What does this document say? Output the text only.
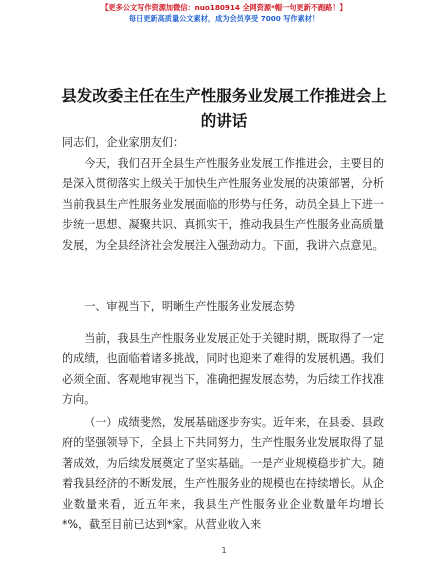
【更多公文写作资源加微信：nuo180914 全网资源*帽一句更新不跑路！】
每日更新高质量公文素材，成为会员享受 7000 写作素材！
县发改委主任在生产性服务业发展工作推进会上的讲话
同志们，企业家朋友们：
今天，我们召开全县生产性服务业发展工作推进会，主要目的是深入贯彻落实上级关于加快生产性服务业发展的决策部署，分析当前我县生产性服务业发展面临的形势与任务，动员全县上下进一步统一思想、凝聚共识、真抓实干，推动我县生产性服务业高质量发展，为全县经济社会发展注入强劲动力。下面，我讲六点意见。
一、审视当下，明晰生产性服务业发展态势
当前，我县生产性服务业发展正处于关键时期，既取得了一定的成绩，也面临着诸多挑战，同时也迎来了难得的发展机遇。我们必须全面、客观地审视当下，准确把握发展态势，为后续工作找准方向。
（一）成绩斐然，发展基础逐步夯实。近年来，在县委、县政府的坚强领导下，全县上下共同努力，生产性服务业发展取得了显著成效，为后续发展奠定了坚实基础。一是产业规模稳步扩大。随着我县经济的不断发展，生产性服务业的规模也在持续增长。从企业数量来看，近五年来，我县生产性服务业企业数量年均增长*%，截至目前已达到*家。从营业收入来
1
